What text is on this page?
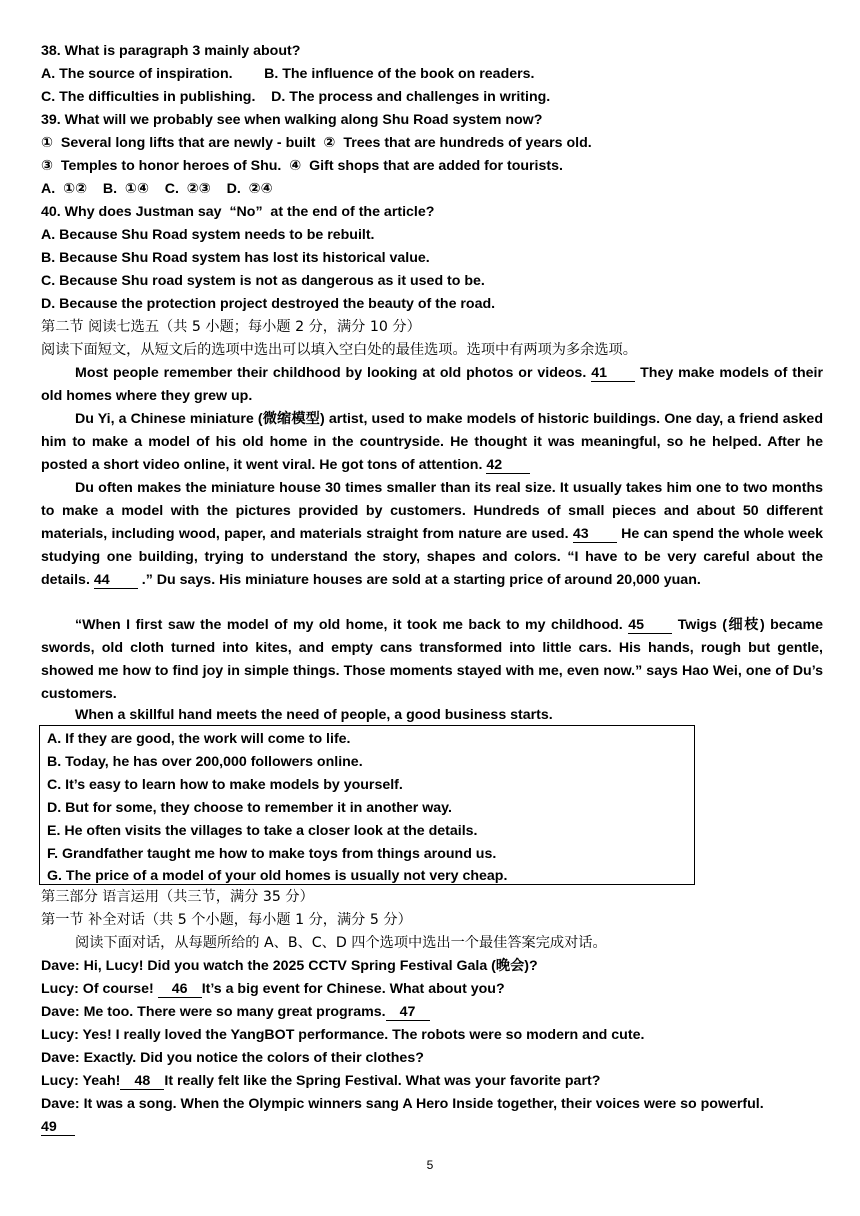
38. What is paragraph 3 mainly about?
A. The source of inspiration.        B. The influence of the book on readers.
C. The difficulties in publishing.    D. The process and challenges in writing.
39. What will we probably see when walking along Shu Road system now?
①  Several long lifts that are newly - built  ②  Trees that are hundreds of years old.
③  Temples to honor heroes of Shu.  ④  Gift shops that are added for tourists.
A.  ①②    B.  ①④    C.  ②③    D.  ②④
40. Why does Justman say  “No”  at the end of the article?
A. Because Shu Road system needs to be rebuilt.
B. Because Shu Road system has lost its historical value.
C. Because Shu road system is not as dangerous as it used to be.
D. Because the protection project destroyed the beauty of the road.
第二节 阅读七选五（共 5 小题；每小题 2 分，满分 10 分）
阅读下面短文，从短文后的选项中选出可以填入空白处的最佳选项。选项中有两项为多余选项。
Most people remember their childhood by looking at old photos or videos. 41 They make models of their old homes where they grew up.
Du Yi, a Chinese miniature (微缩模型) artist, used to make models of historic buildings. One day, a friend asked him to make a model of his old home in the countryside. He thought it was meaningful, so he helped. After he posted a short video online, it went viral. He got tons of attention. 42
Du often makes the miniature house 30 times smaller than its real size. It usually takes him one to two months to make a model with the pictures provided by customers. Hundreds of small pieces and about 50 different materials, including wood, paper, and materials straight from nature are used. 43 He can spend the whole week studying one building, trying to understand the story, shapes and colors. “I have to be very careful about the details. 44 .” Du says. His miniature houses are sold at a starting price of around 20,000 yuan.
“When I first saw the model of my old home, it took me back to my childhood. 45 Twigs (细枝) became swords, old cloth turned into kites, and empty cans transformed into little cars. His hands, rough but gentle, showed me how to find joy in simple things. Those moments stayed with me, even now.” says Hao Wei, one of Du’s customers.
When a skillful hand meets the need of people, a good business starts.
A. If they are good, the work will come to life.
B. Today, he has over 200,000 followers online.
C. It’s easy to learn how to make models by yourself.
D. But for some, they choose to remember it in another way.
E. He often visits the villages to take a closer look at the details.
F. Grandfather taught me how to make toys from things around us.
G. The price of a model of your old homes is usually not very cheap.
第三部分 语言运用（共三节，满分 35 分）
第一节 补全对话（共 5 个小题，每小题 1 分，满分 5 分）
阅读下面对话，从每题所给的 A、B、C、D 四个选项中选出一个最佳答案完成对话。
Dave: Hi, Lucy! Did you watch the 2025 CCTV Spring Festival Gala (晚会)?
Lucy: Of course! 46 It’s a big event for Chinese. What about you?
Dave: Me too. There were so many great programs. 47
Lucy: Yes! I really loved the YangBOT performance. The robots were so modern and cute.
Dave: Exactly. Did you notice the colors of their clothes?
Lucy: Yeah! 48 It really felt like the Spring Festival. What was your favorite part?
Dave: It was a song. When the Olympic winners sang A Hero Inside together, their voices were so powerful.
49
5
